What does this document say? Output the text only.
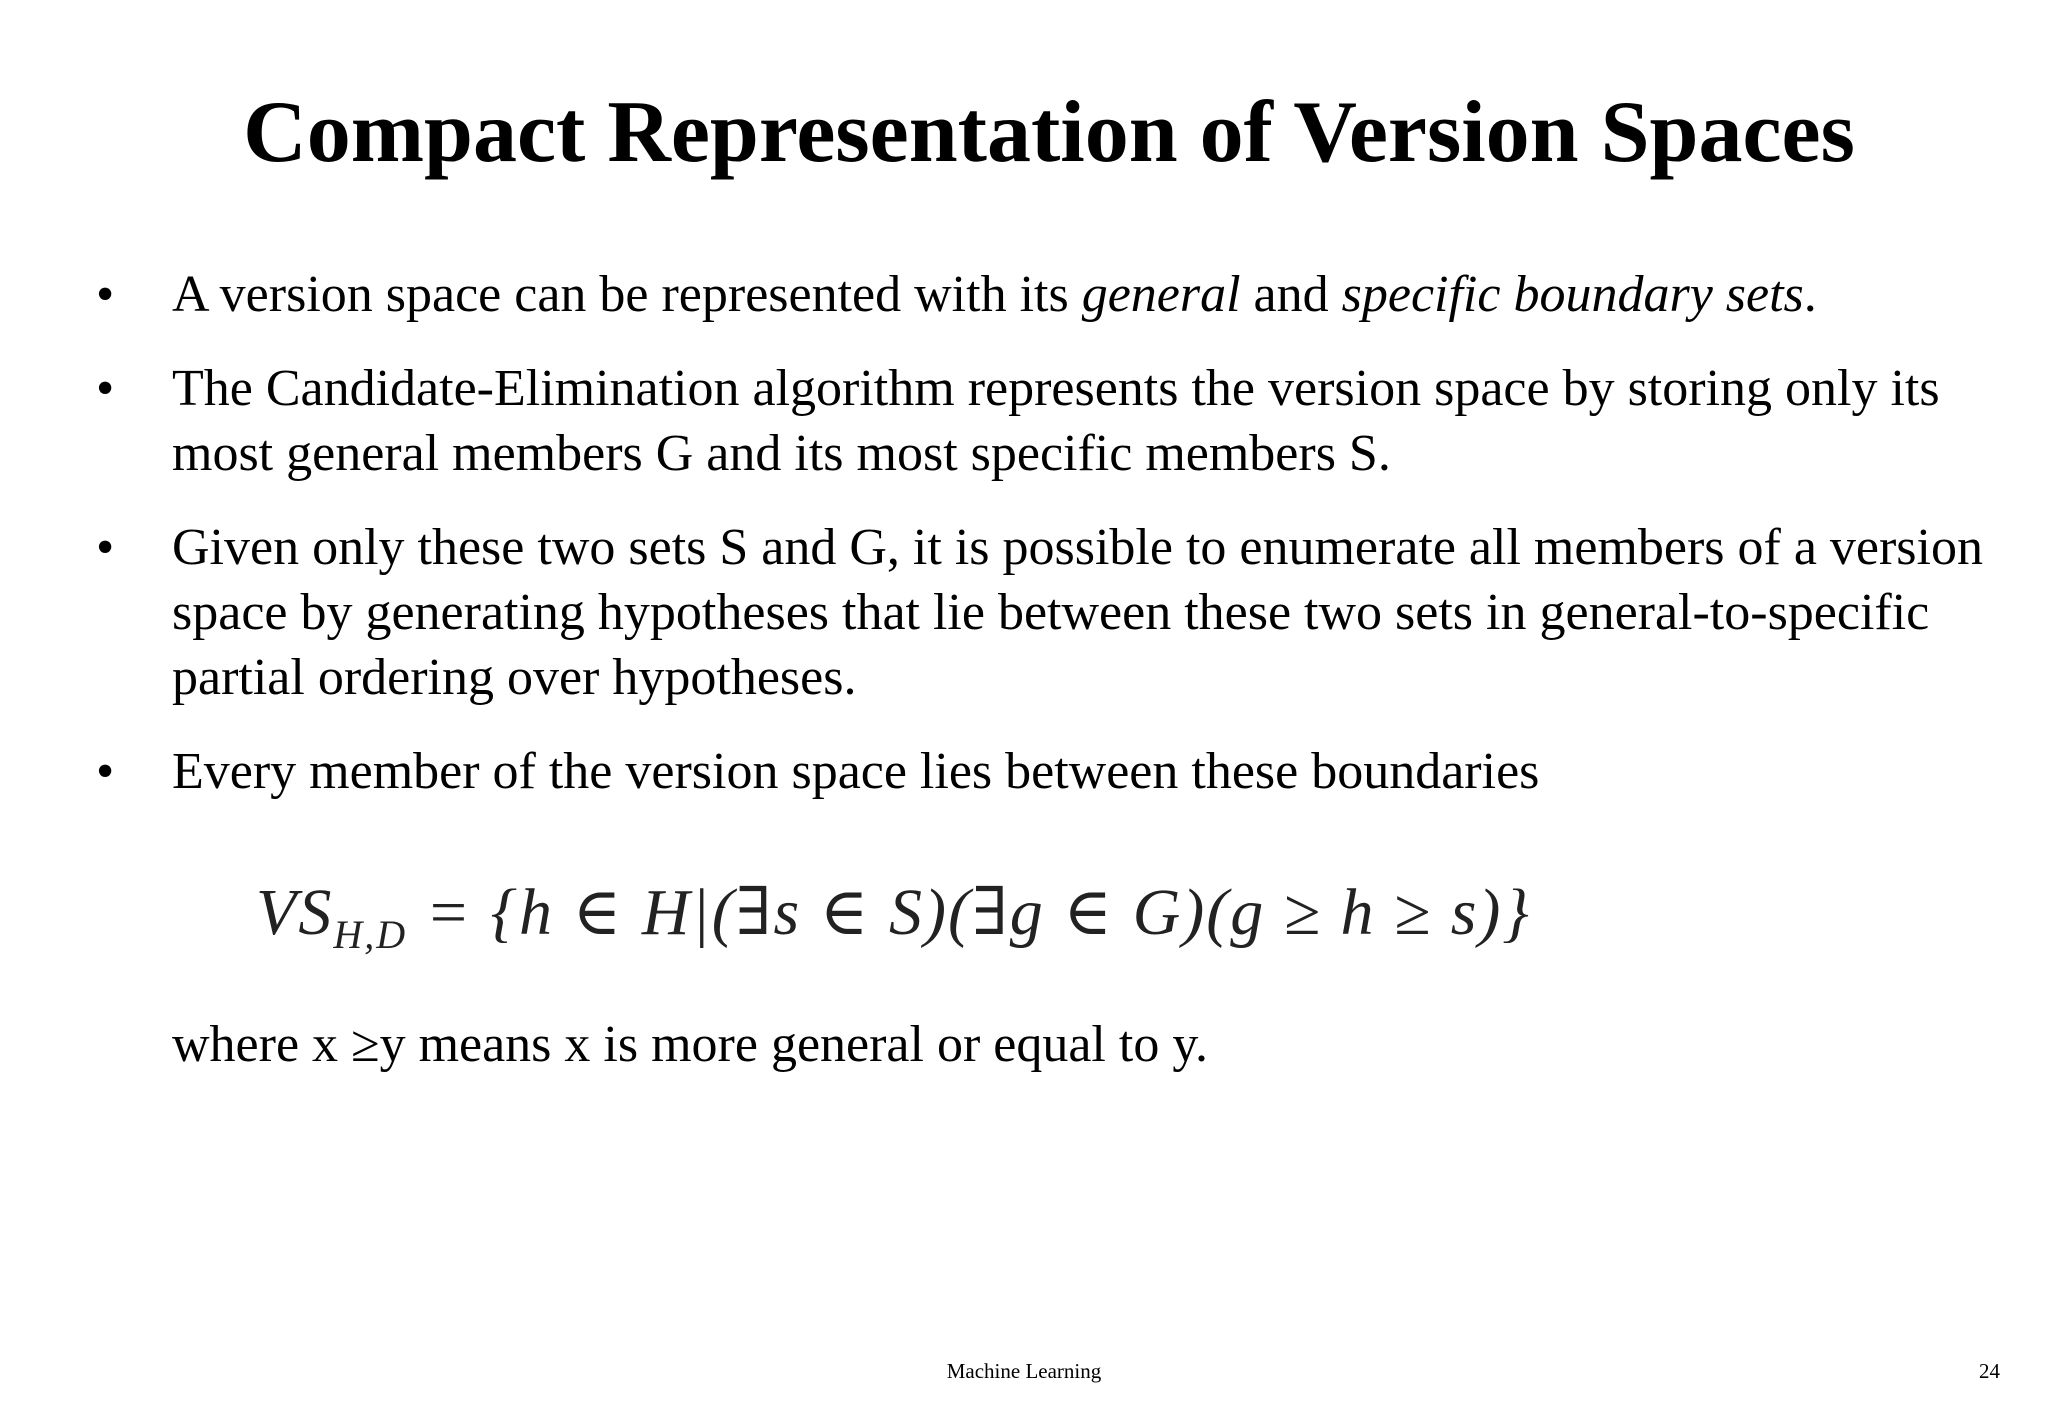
Compact Representation of Version Spaces
• A version space can be represented with its general and specific boundary sets.
• The Candidate-Elimination algorithm represents the version space by storing only its most general members G and its most specific members S.
• Given only these two sets S and G, it is possible to enumerate all members of a version space by generating hypotheses that lie between these two sets in general-to-specific partial ordering over hypotheses.
• Every member of the version space lies between these boundaries
$VS_{H,D} = \{h$ ∈ H|(∃s ∈ S)(∃g ∈ G)(g ≥ h ≥ s)}
where x ≥y means x is more general or equal to y.
Machine Learning	24
